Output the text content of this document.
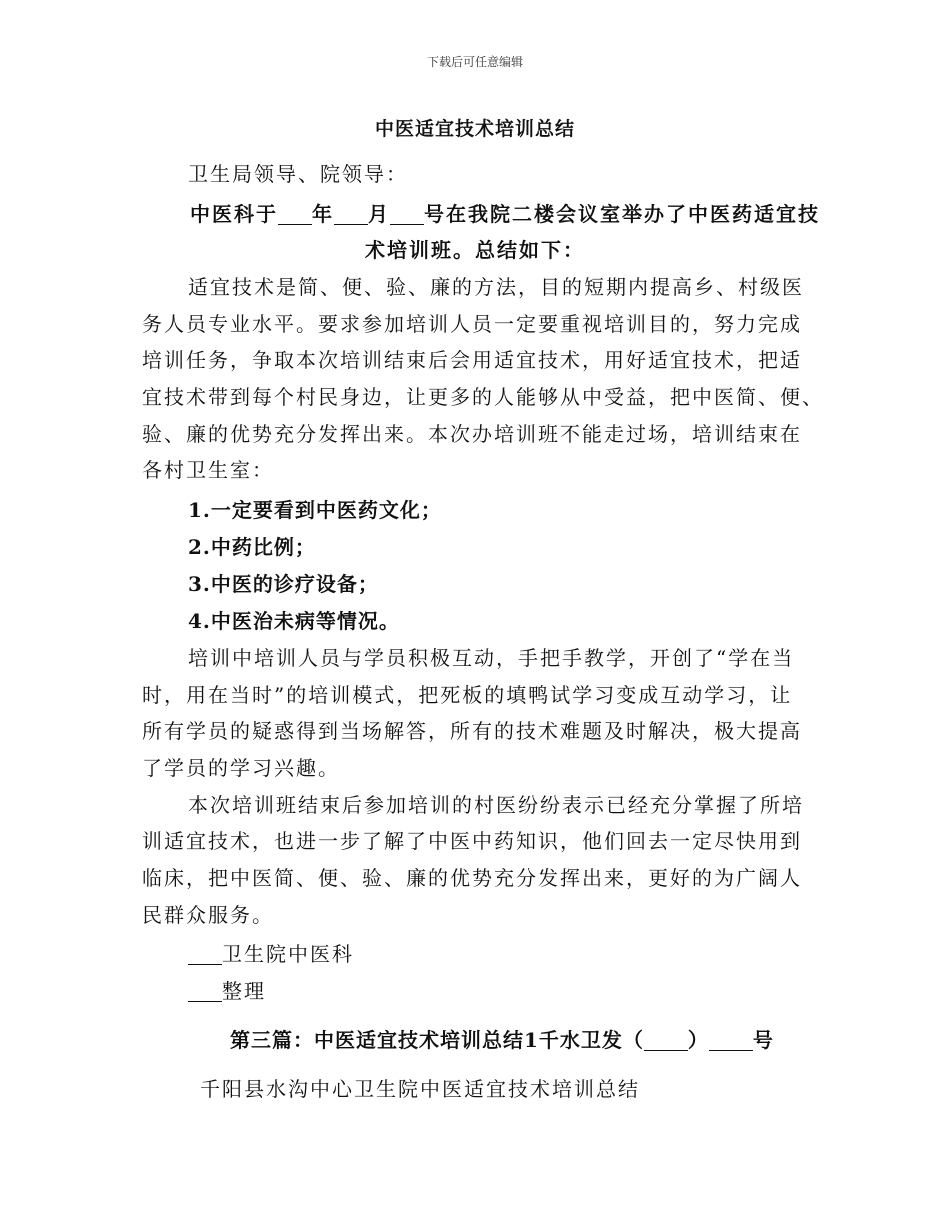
下载后可任意编辑
中医适宜技术培训总结
卫生局领导、院领导：
中医科于 年 月 号在我院二楼会议室举办了中医药适宜技
术培训班。总结如下：
适宜技术是简、便、验、廉的方法，目的短期内提高乡、村级医
务人员专业水平。要求参加培训人员一定要重视培训目的，努力完成
培训任务，争取本次培训结束后会用适宜技术，用好适宜技术，把适
宜技术带到每个村民身边，让更多的人能够从中受益，把中医简、便、
验、廉的优势充分发挥出来。本次办培训班不能走过场，培训结束在
各村卫生室：
1.一定要看到中医药文化；
2.中药比例；
3.中医的诊疗设备；
4.中医治未病等情况。
培训中培训人员与学员积极互动，手把手教学，开创了“学在当
时，用在当时”的培训模式，把死板的填鸭试学习变成互动学习，让
所有学员的疑惑得到当场解答，所有的技术难题及时解决，极大提高
了学员的学习兴趣。
本次培训班结束后参加培训的村医纷纷表示已经充分掌握了所培
训适宜技术，也进一步了解了中医中药知识，他们回去一定尽快用到
临床，把中医简、便、验、廉的优势充分发挥出来，更好的为广阔人
民群众服务。
卫生院中医科
整理
第三篇：中医适宜技术培训总结1千水卫发（ ） 号
千阳县水沟中心卫生院中医适宜技术培训总结
